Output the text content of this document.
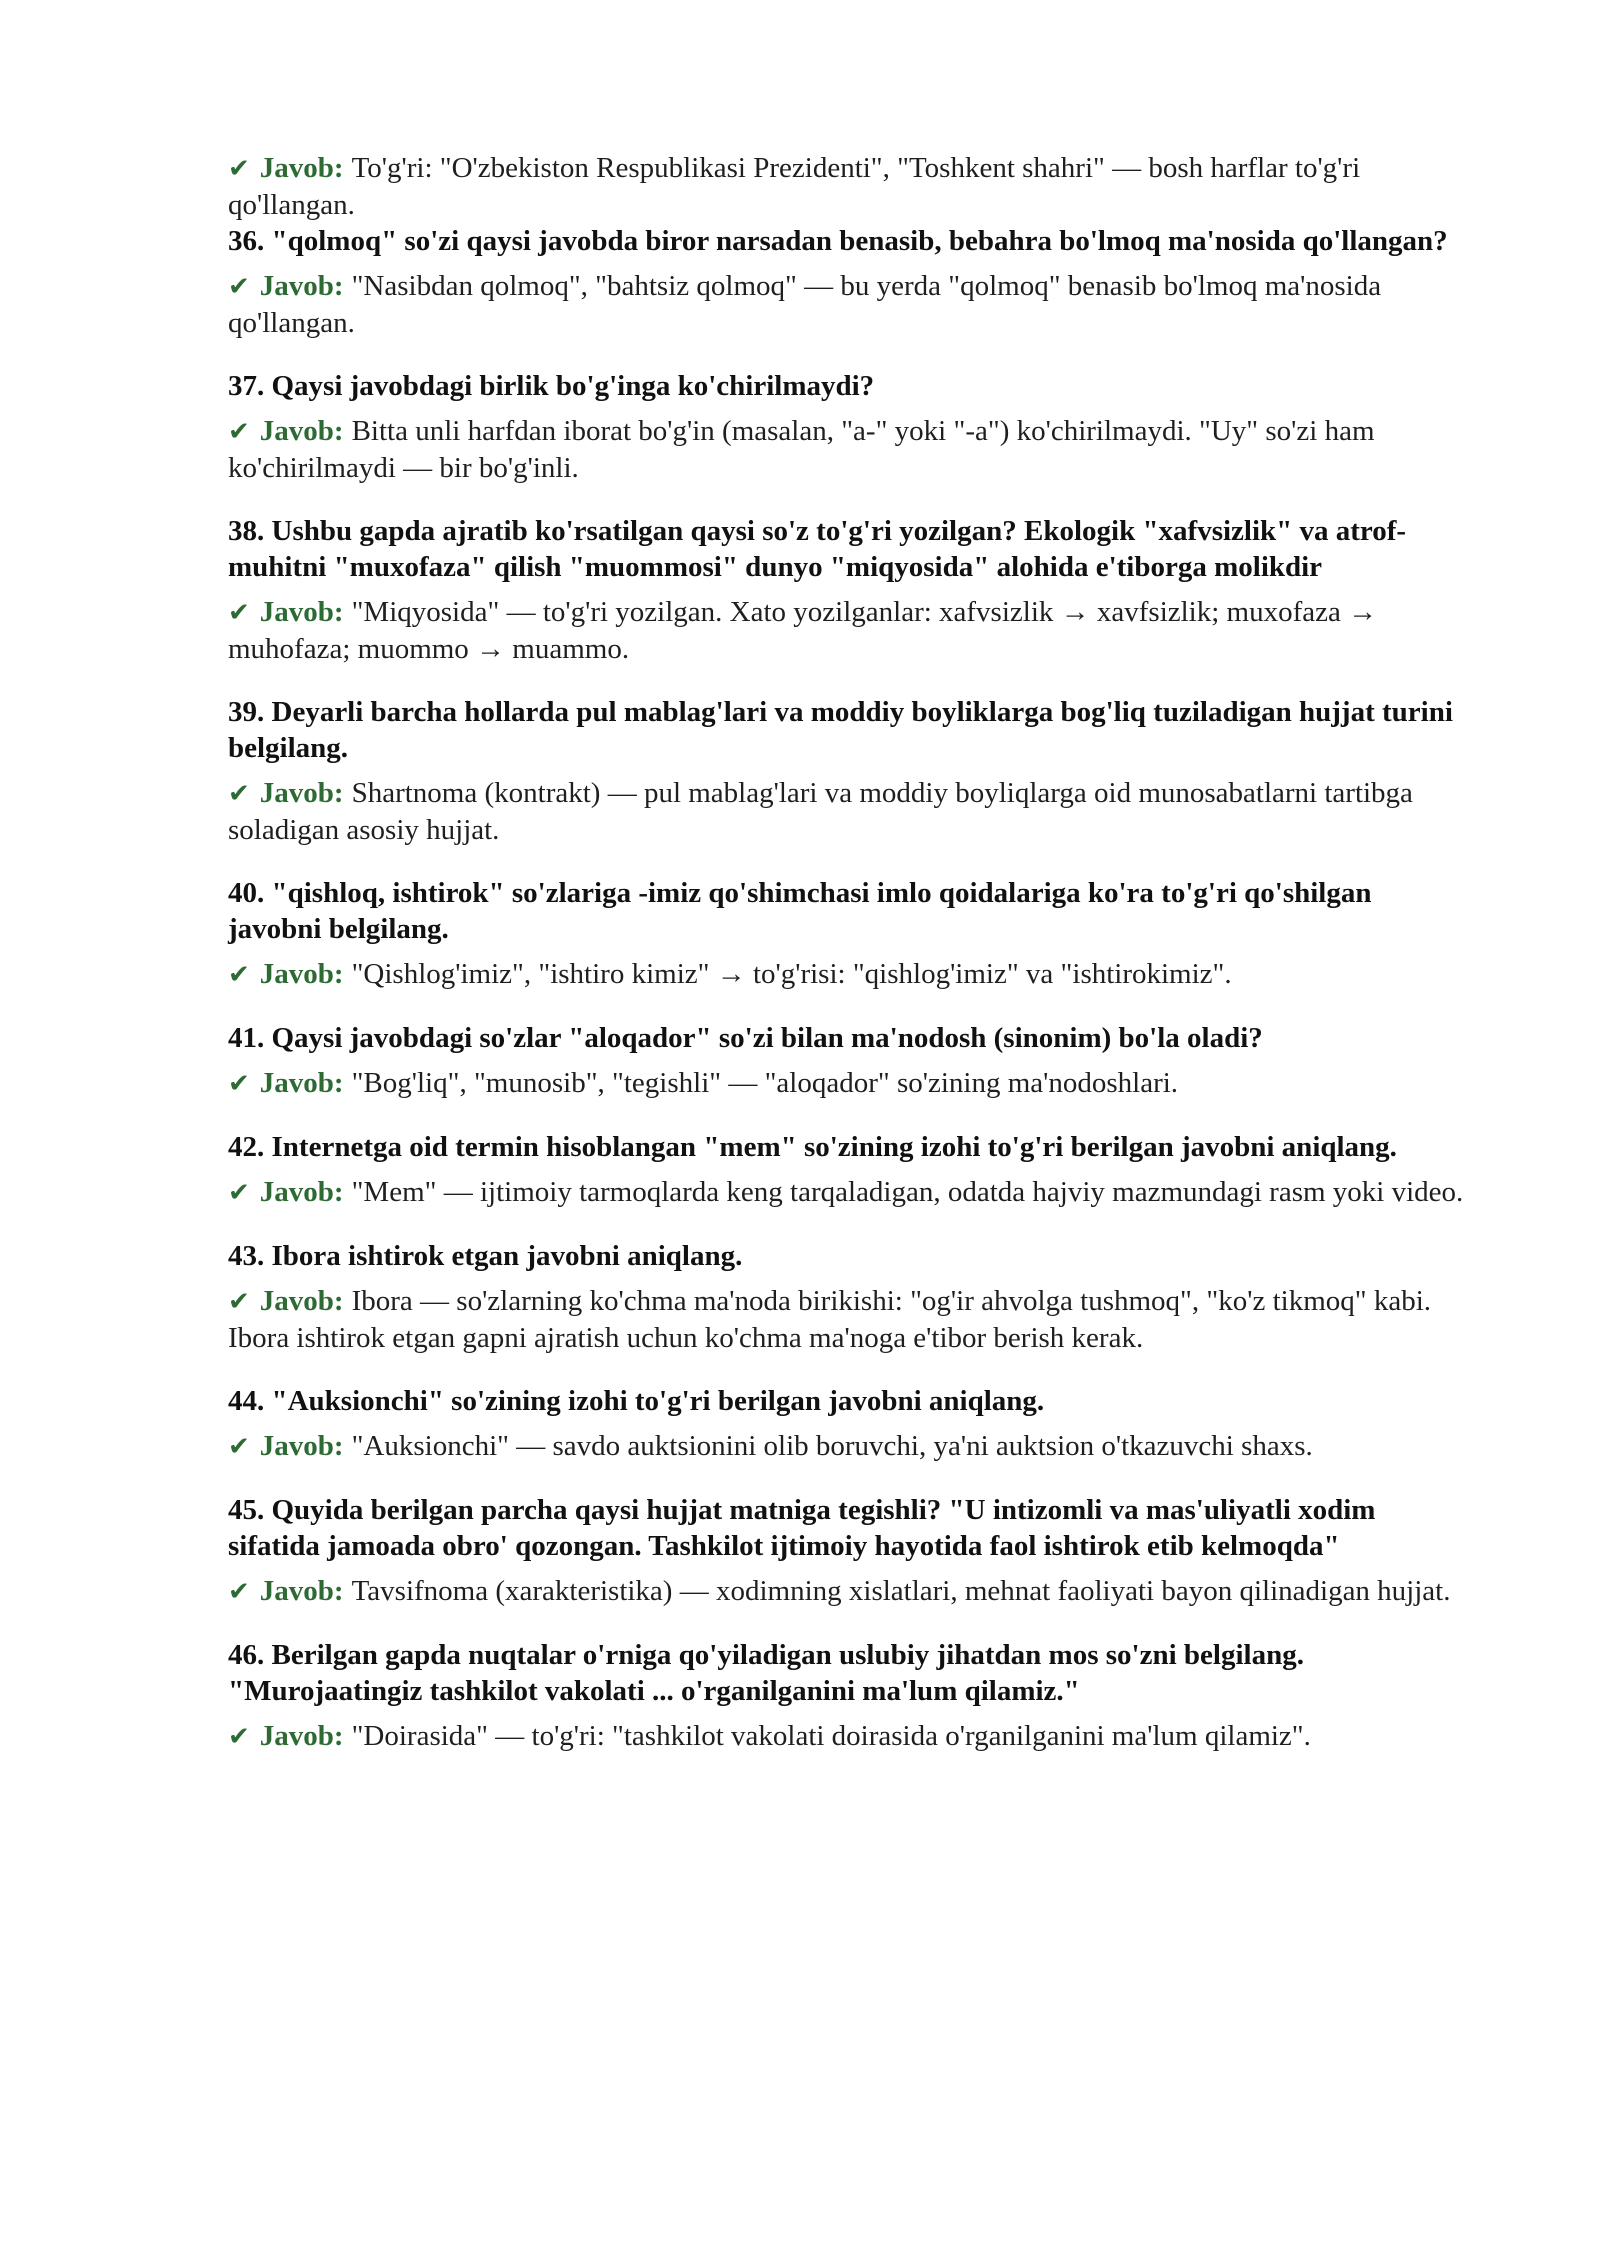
✔ Javob: To'g'ri: "O'zbekiston Respublikasi Prezidenti", "Toshkent shahri" — bosh harflar to'g'ri qo'llangan.

36. "qolmoq" so'zi qaysi javobda biror narsadan benasib, bebahra bo'lmoq ma'nosida qo'llangan?

✔ Javob: "Nasibdan qolmoq", "bahtsiz qolmoq" — bu yerda "qolmoq" benasib bo'lmoq ma'nosida qo'llangan.

37. Qaysi javobdagi birlik bo'g'inga ko'chirilmaydi?

✔ Javob: Bitta unli harfdan iborat bo'g'in (masalan, "a-" yoki "-a") ko'chirilmaydi. "Uy" so'zi ham ko'chirilmaydi — bir bo'g'inli.

38. Ushbu gapda ajratib ko'rsatilgan qaysi so'z to'g'ri yozilgan? Ekologik "xafvsizlik" va atrof-muhitni "muxofaza" qilish "muommosi" dunyo "miqyosida" alohida e'tiborga molikdir

✔ Javob: "Miqyosida" — to'g'ri yozilgan. Xato yozilganlar: xafvsizlik → xavfsizlik; muxofaza → muhofaza; muommo → muammo.

39. Deyarli barcha hollarda pul mablag'lari va moddiy boyliklarga bog'liq tuziladigan hujjat turini belgilang.

✔ Javob: Shartnoma (kontrakt) — pul mablag'lari va moddiy boyliqlarga oid munosabatlarni tartibga soladigan asosiy hujjat.

40. "qishloq, ishtirok" so'zlariga -imiz qo'shimchasi imlo qoidalariga ko'ra to'g'ri qo'shilgan javobni belgilang.

✔ Javob: "Qishlog'imiz", "ishtiro kimiz" → to'g'risi: "qishlog'imiz" va "ishtirokimiz".

41. Qaysi javobdagi so'zlar "aloqador" so'zi bilan ma'nodosh (sinonim) bo'la oladi?

✔ Javob: "Bog'liq", "munosib", "tegishli" — "aloqador" so'zining ma'nodoshlari.

42. Internetga oid termin hisoblangan "mem" so'zining izohi to'g'ri berilgan javobni aniqlang.

✔ Javob: "Mem" — ijtimoiy tarmoqlarda keng tarqaladigan, odatda hajviy mazmundagi rasm yoki video.

43. Ibora ishtirok etgan javobni aniqlang.

✔ Javob: Ibora — so'zlarning ko'chma ma'noda birikishi: "og'ir ahvolga tushmoq", "ko'z tikmoq" kabi. Ibora ishtirok etgan gapni ajratish uchun ko'chma ma'noga e'tibor berish kerak.

44. "Auksionchi" so'zining izohi to'g'ri berilgan javobni aniqlang.

✔ Javob: "Auksionchi" — savdo auktsionini olib boruvchi, ya'ni auktsion o'tkazuvchi shaxs.

45. Quyida berilgan parcha qaysi hujjat matniga tegishli? "U intizomli va mas'uliyatli xodim sifatida jamoada obro' qozongan. Tashkilot ijtimoiy hayotida faol ishtirok etib kelmoqda"

✔ Javob: Tavsifnoma (xarakteristika) — xodimning xislatlari, mehnat faoliyati bayon qilinadigan hujjat.

46. Berilgan gapda nuqtalar o'rniga qo'yiladigan uslubiy jihatdan mos so'zni belgilang. "Murojaatingiz tashkilot vakolati ... o'rganilganini ma'lum qilamiz."

✔ Javob: "Doirasida" — to'g'ri: "tashkilot vakolati doirasida o'rganilganini ma'lum qilamiz".
